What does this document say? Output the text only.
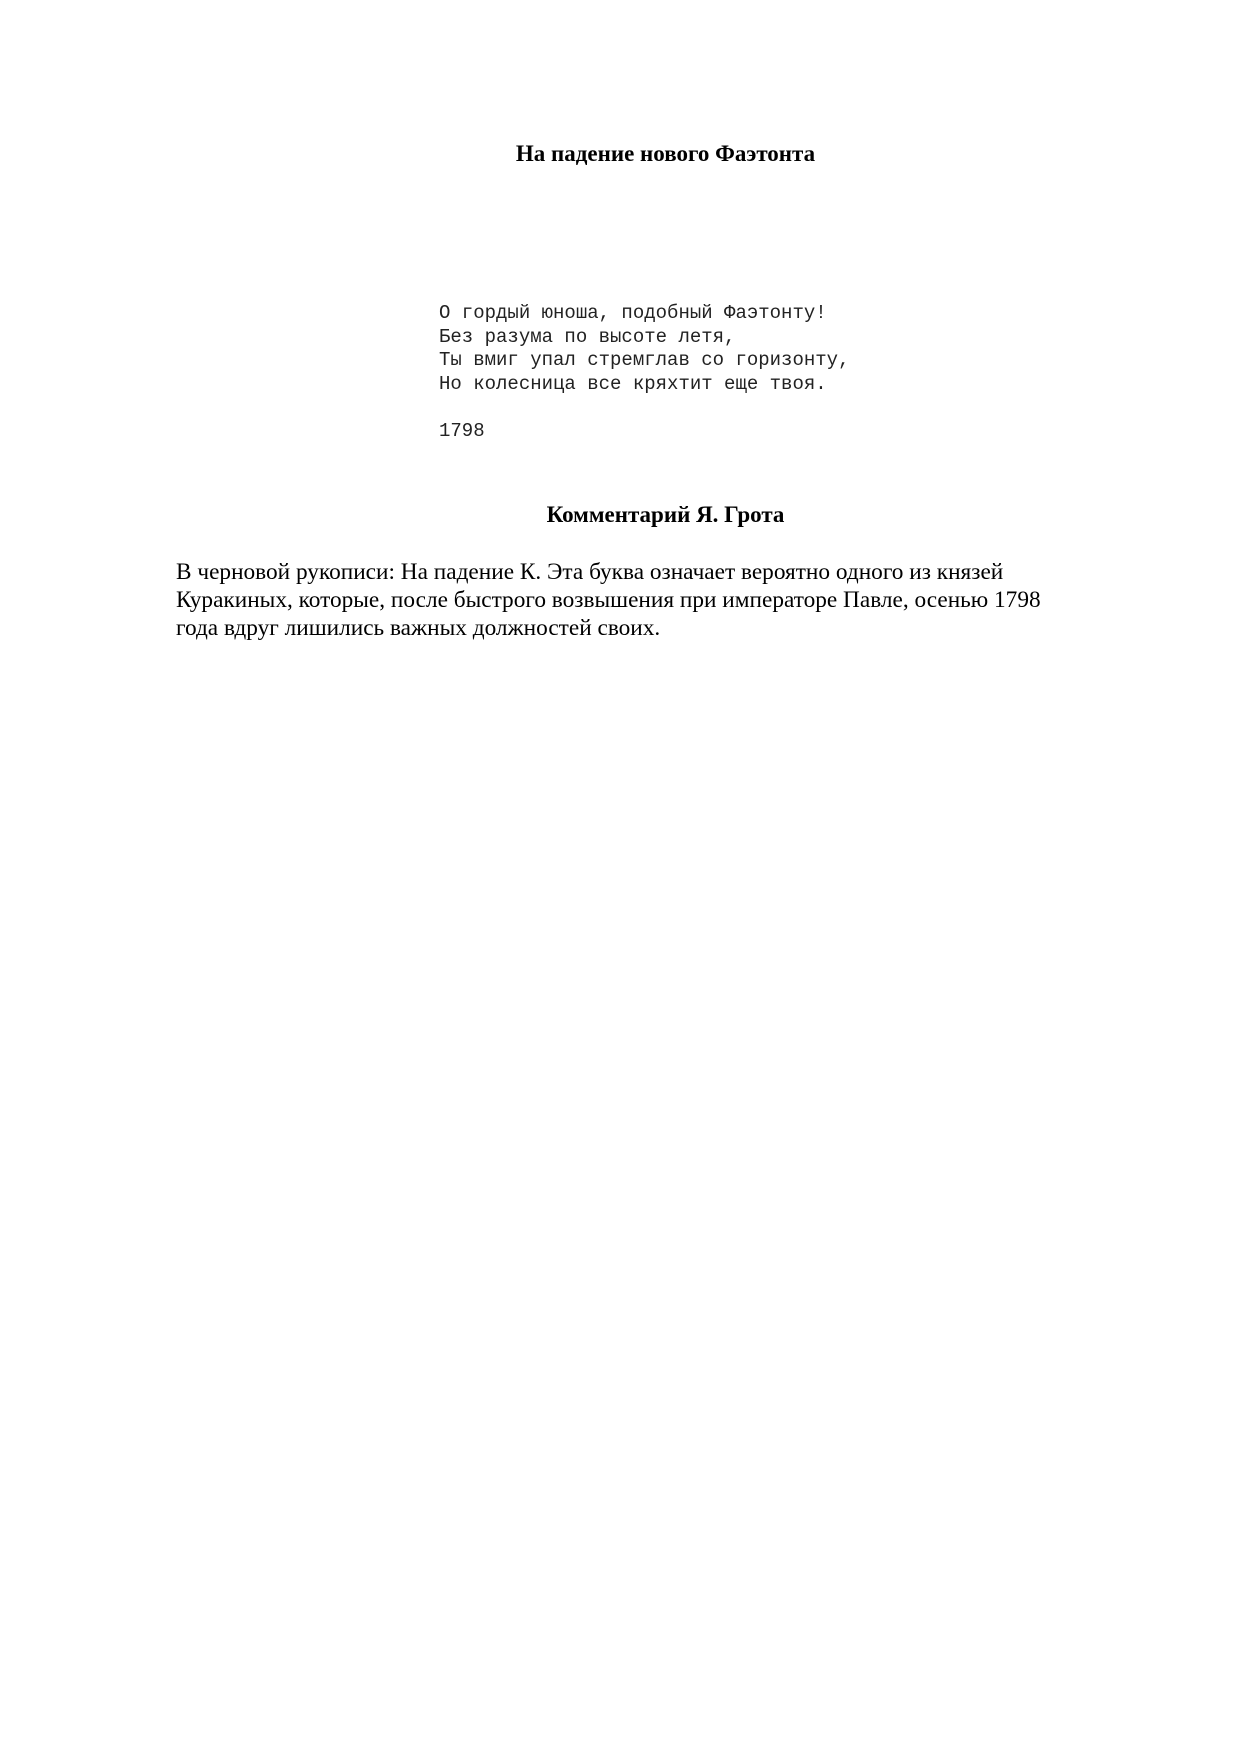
На падение нового Фаэтонта
О гордый юноша, подобный Фаэтонту!
Без разума по высоте летя,
Ты вмиг упал стремглав со горизонту,
Но колесница все кряхтит еще твоя.
1798
Комментарий Я. Грота

В черновой рукописи: На падение К. Эта буква означает вероятно одного из князей
Куракиных, которые, после быстрого возвышения при императоре Павле, осенью 1798
года вдруг лишились важных должностей своих.
